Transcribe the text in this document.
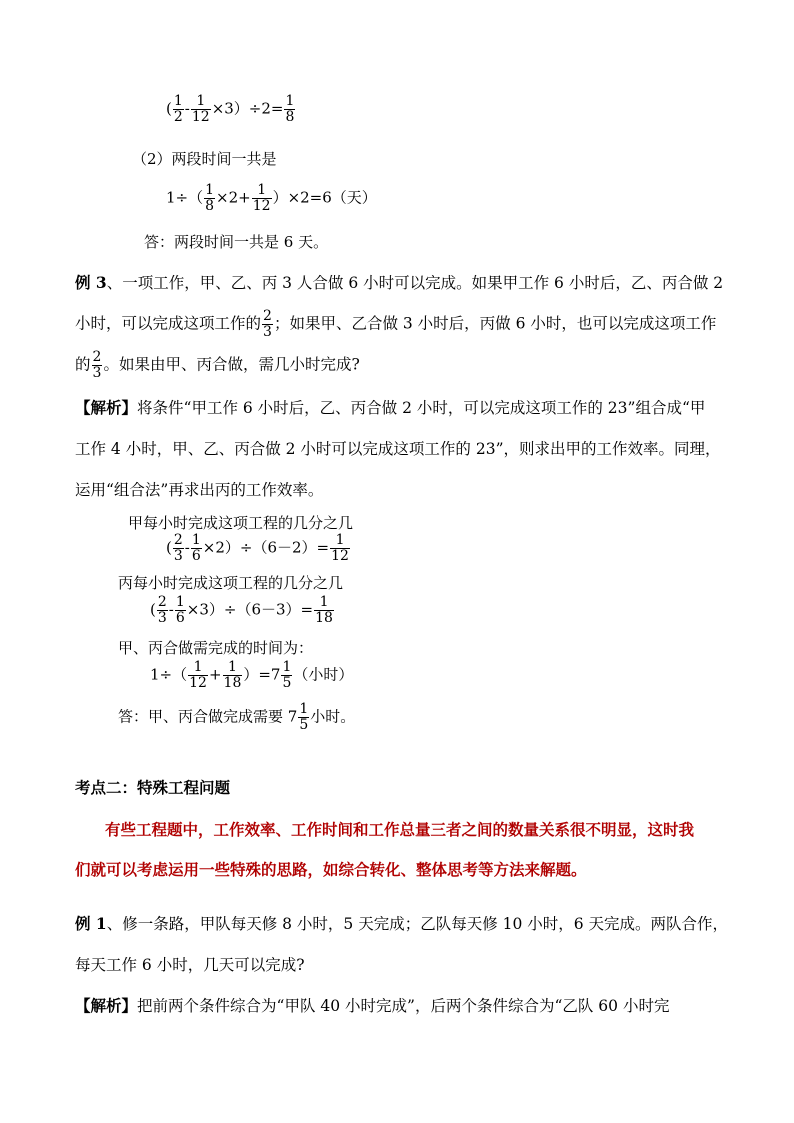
( $\frac{1}{2} - \frac{1}{12} \times 3)\div 2= \frac{1}{8}$
（2）两段时间一共是
$1\div( \frac{1}{8} \times 2+ \frac{1}{12} )\times 2=6$（天）
答：两段时间一共是 6 天。
例 3、一项工作，甲、乙、丙 3 人合做 6 小时可以完成。如果甲工作 6 小时后，乙、丙合做 2
小时，可以完成这项工作的 $\frac{2}{3}$ ；如果甲、乙合做 3 小时后，丙做 6 小时，也可以完成这项工作
的 $\frac{2}{3}$ 。如果由甲、丙合做，需几小时完成?
【解析】将条件“甲工作 6 小时后，乙、丙合做 2 小时，可以完成这项工作的 23”组合成“甲
工作 4 小时，甲、乙、丙合做 2 小时可以完成这项工作的 23”，则求出甲的工作效率。同理，
运用“组合法”再求出丙的工作效率。
甲每小时完成这项工程的几分之几
( $\frac{2}{3} - \frac{1}{6} \times 2)\div(6-2)= \frac{1}{12}$
丙每小时完成这项工程的几分之几
( $\frac{2}{3} - \frac{1}{6} \times 3)\div(6-3)= \frac{1}{18}$
甲、丙合做需完成的时间为：
$1\div( \frac{1}{12} + \frac{1}{18} )=7 \frac{1}{5}$ （小时）
答：甲、丙合做完成需要 $7 \frac{1}{5}$ 小时。
考点二：特殊工程问题
有些工程题中，工作效率、工作时间和工作总量三者之间的数量关系很不明显，这时我
们就可以考虑运用一些特殊的思路，如综合转化、整体思考等方法来解题。
例 1、修一条路，甲队每天修 8 小时，5 天完成；乙队每天修 10 小时，6 天完成。两队合作，
每天工作 6 小时，几天可以完成?
【解析】把前两个条件综合为“甲队 40 小时完成”，后两个条件综合为“乙队 60 小时完
